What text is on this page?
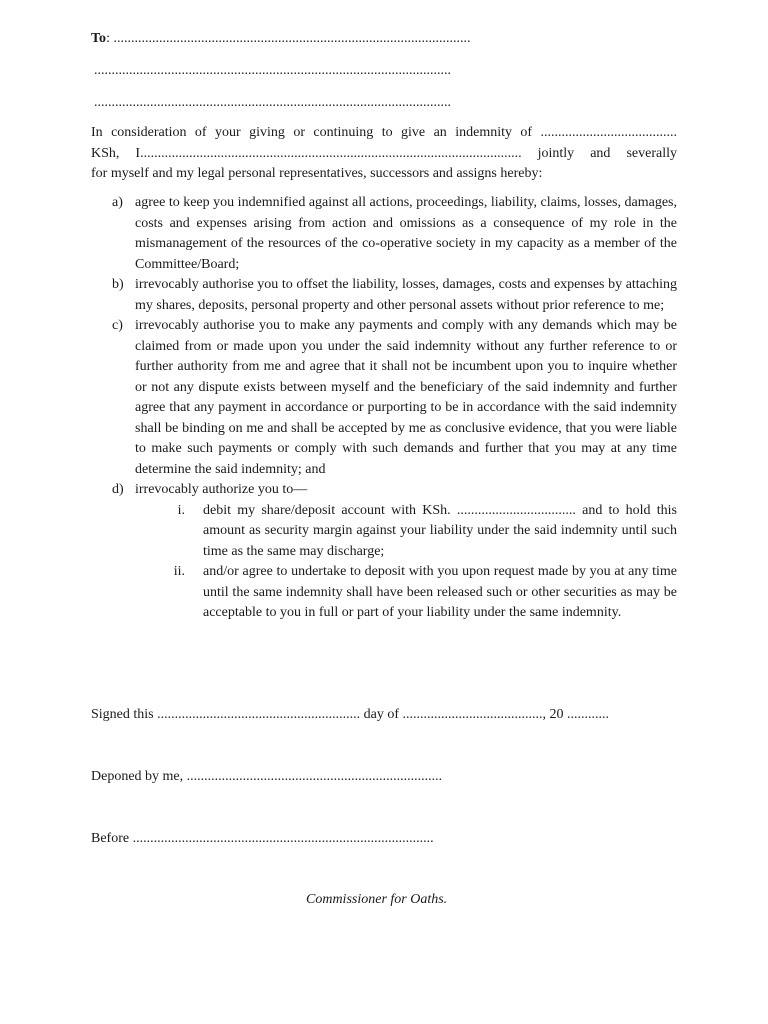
To: ......................................................................................................
......................................................................................................
......................................................................................................
In consideration of your giving or continuing to give an indemnity of .......................................
KSh, I............................................................................................................. jointly and severally
for myself and my legal personal representatives, successors and assigns hereby:
a) agree to keep you indemnified against all actions, proceedings, liability, claims, losses, damages, costs and expenses arising from action and omissions as a consequence of my role in the mismanagement of the resources of the co-operative society in my capacity as a member of the Committee/Board;
b) irrevocably authorise you to offset the liability, losses, damages, costs and expenses by attaching my shares, deposits, personal property and other personal assets without prior reference to me;
c) irrevocably authorise you to make any payments and comply with any demands which may be claimed from or made upon you under the said indemnity without any further reference to or further authority from me and agree that it shall not be incumbent upon you to inquire whether or not any dispute exists between myself and the beneficiary of the said indemnity and further agree that any payment in accordance or purporting to be in accordance with the said indemnity shall be binding on me and shall be accepted by me as conclusive evidence, that you were liable to make such payments or comply with such demands and further that you may at any time determine the said indemnity; and
d) irrevocably authorize you to—
i. debit my share/deposit account with KSh. .................................. and to hold this amount as security margin against your liability under the said indemnity until such time as the same may discharge;
ii. and/or agree to undertake to deposit with you upon request made by you at any time until the same indemnity shall have been released such or other securities as may be acceptable to you in full or part of your liability under the same indemnity.
Signed this .......................................................... day of ........................................, 20 ............
Deponed by me, .........................................................................
Before ......................................................................................
Commissioner for Oaths.
